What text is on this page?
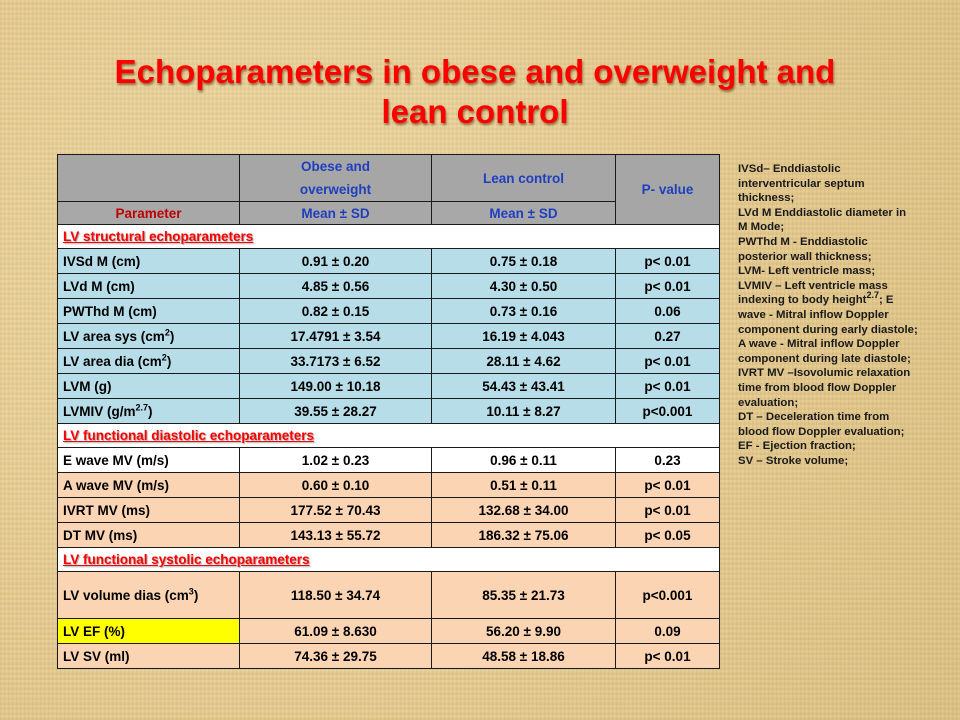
Echoparameters in obese and overweight and
lean control
	Obese and overweight	Lean control	P- value
Parameter	Mean ± SD	Mean ± SD	
LV structural echoparameters			
IVSd M (cm)	0.91 ± 0.20	0.75 ± 0.18	p< 0.01
LVd M (cm)	4.85 ± 0.56	4.30 ± 0.50	p< 0.01
PWThd M (cm)	0.82 ± 0.15	0.73 ± 0.16	0.06
LV area sys $(cm^2)$	17.4791 ± 3.54	16.19 ± 4.043	0.27
LV area dia $(cm^2)$	33.7173 ± 6.52	28.11 ± 4.62	p< 0.01
LVM (g)	149.00 ± 10.18	54.43 ± 43.41	p< 0.01
LVMIV $(g/m^{2.7})$	39.55 ± 28.27	10.11 ± 8.27	p<0.001
LV functional diastolic echoparameters			
E wave MV (m/s)	1.02 ± 0.23	0.96 ± 0.11	0.23
A wave MV (m/s)	0.60 ± 0.10	0.51 ± 0.11	p< 0.01
IVRT MV (ms)	177.52 ± 70.43	132.68 ± 34.00	p< 0.01
DT MV (ms)	143.13 ± 55.72	186.32 ± 75.06	p< 0.05
LV functional systolic echoparameters			
LV volume dias $(cm^3)$	118.50 ± 34.74	85.35 ± 21.73	p<0.001
LV EF (%)	61.09 ± 8.630	56.20 ± 9.90	0.09
LV SV (ml)	74.36 ± 29.75	48.58 ± 18.86	p< 0.01

IVSd– Enddiastolic interventricular septum thickness;

LVd M Enddiastolic diameter in M Mode;

PWThd M - Enddiastolic posterior wall thickness;

LVM- Left ventricle mass;

LVMIV – Left ventricle mass indexing to body height$^{2.7}$; E wave - Mitral inflow Doppler component during early diastole;

A wave - Mitral inflow Doppler component during late diastole;

IVRT MV –Isovolumic relaxation time from blood flow Doppler evaluation;

DT – Deceleration time from blood flow Doppler evaluation; EF - Ejection fraction;

SV – Stroke volume;
